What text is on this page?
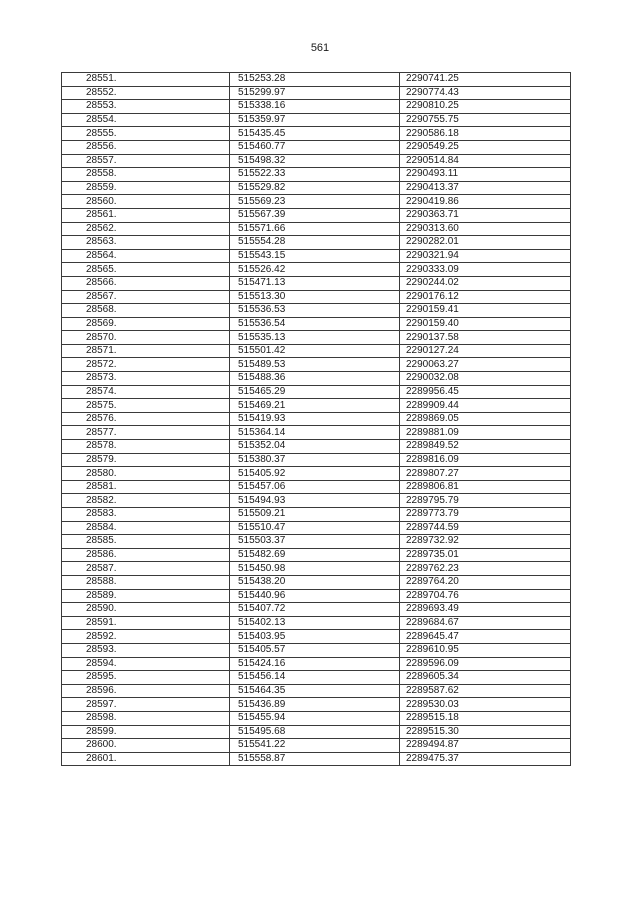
561
28551.	515253.28	2290741.25
28552.	515299.97	2290774.43
28553.	515338.16	2290810.25
28554.	515359.97	2290755.75
28555.	515435.45	2290586.18
28556.	515460.77	2290549.25
28557.	515498.32	2290514.84
28558.	515522.33	2290493.11
28559.	515529.82	2290413.37
28560.	515569.23	2290419.86
28561.	515567.39	2290363.71
28562.	515571.66	2290313.60
28563.	515554.28	2290282.01
28564.	515543.15	2290321.94
28565.	515526.42	2290333.09
28566.	515471.13	2290244.02
28567.	515513.30	2290176.12
28568.	515536.53	2290159.41
28569.	515536.54	2290159.40
28570.	515535.13	2290137.58
28571.	515501.42	2290127.24
28572.	515489.53	2290063.27
28573.	515488.36	2290032.08
28574.	515465.29	2289956.45
28575.	515469.21	2289909.44
28576.	515419.93	2289869.05
28577.	515364.14	2289881.09
28578.	515352.04	2289849.52
28579.	515380.37	2289816.09
28580.	515405.92	2289807.27
28581.	515457.06	2289806.81
28582.	515494.93	2289795.79
28583.	515509.21	2289773.79
28584.	515510.47	2289744.59
28585.	515503.37	2289732.92
28586.	515482.69	2289735.01
28587.	515450.98	2289762.23
28588.	515438.20	2289764.20
28589.	515440.96	2289704.76
28590.	515407.72	2289693.49
28591.	515402.13	2289684.67
28592.	515403.95	2289645.47
28593.	515405.57	2289610.95
28594.	515424.16	2289596.09
28595.	515456.14	2289605.34
28596.	515464.35	2289587.62
28597.	515436.89	2289530.03
28598.	515455.94	2289515.18
28599.	515495.68	2289515.30
28600.	515541.22	2289494.87
28601.	515558.87	2289475.37
